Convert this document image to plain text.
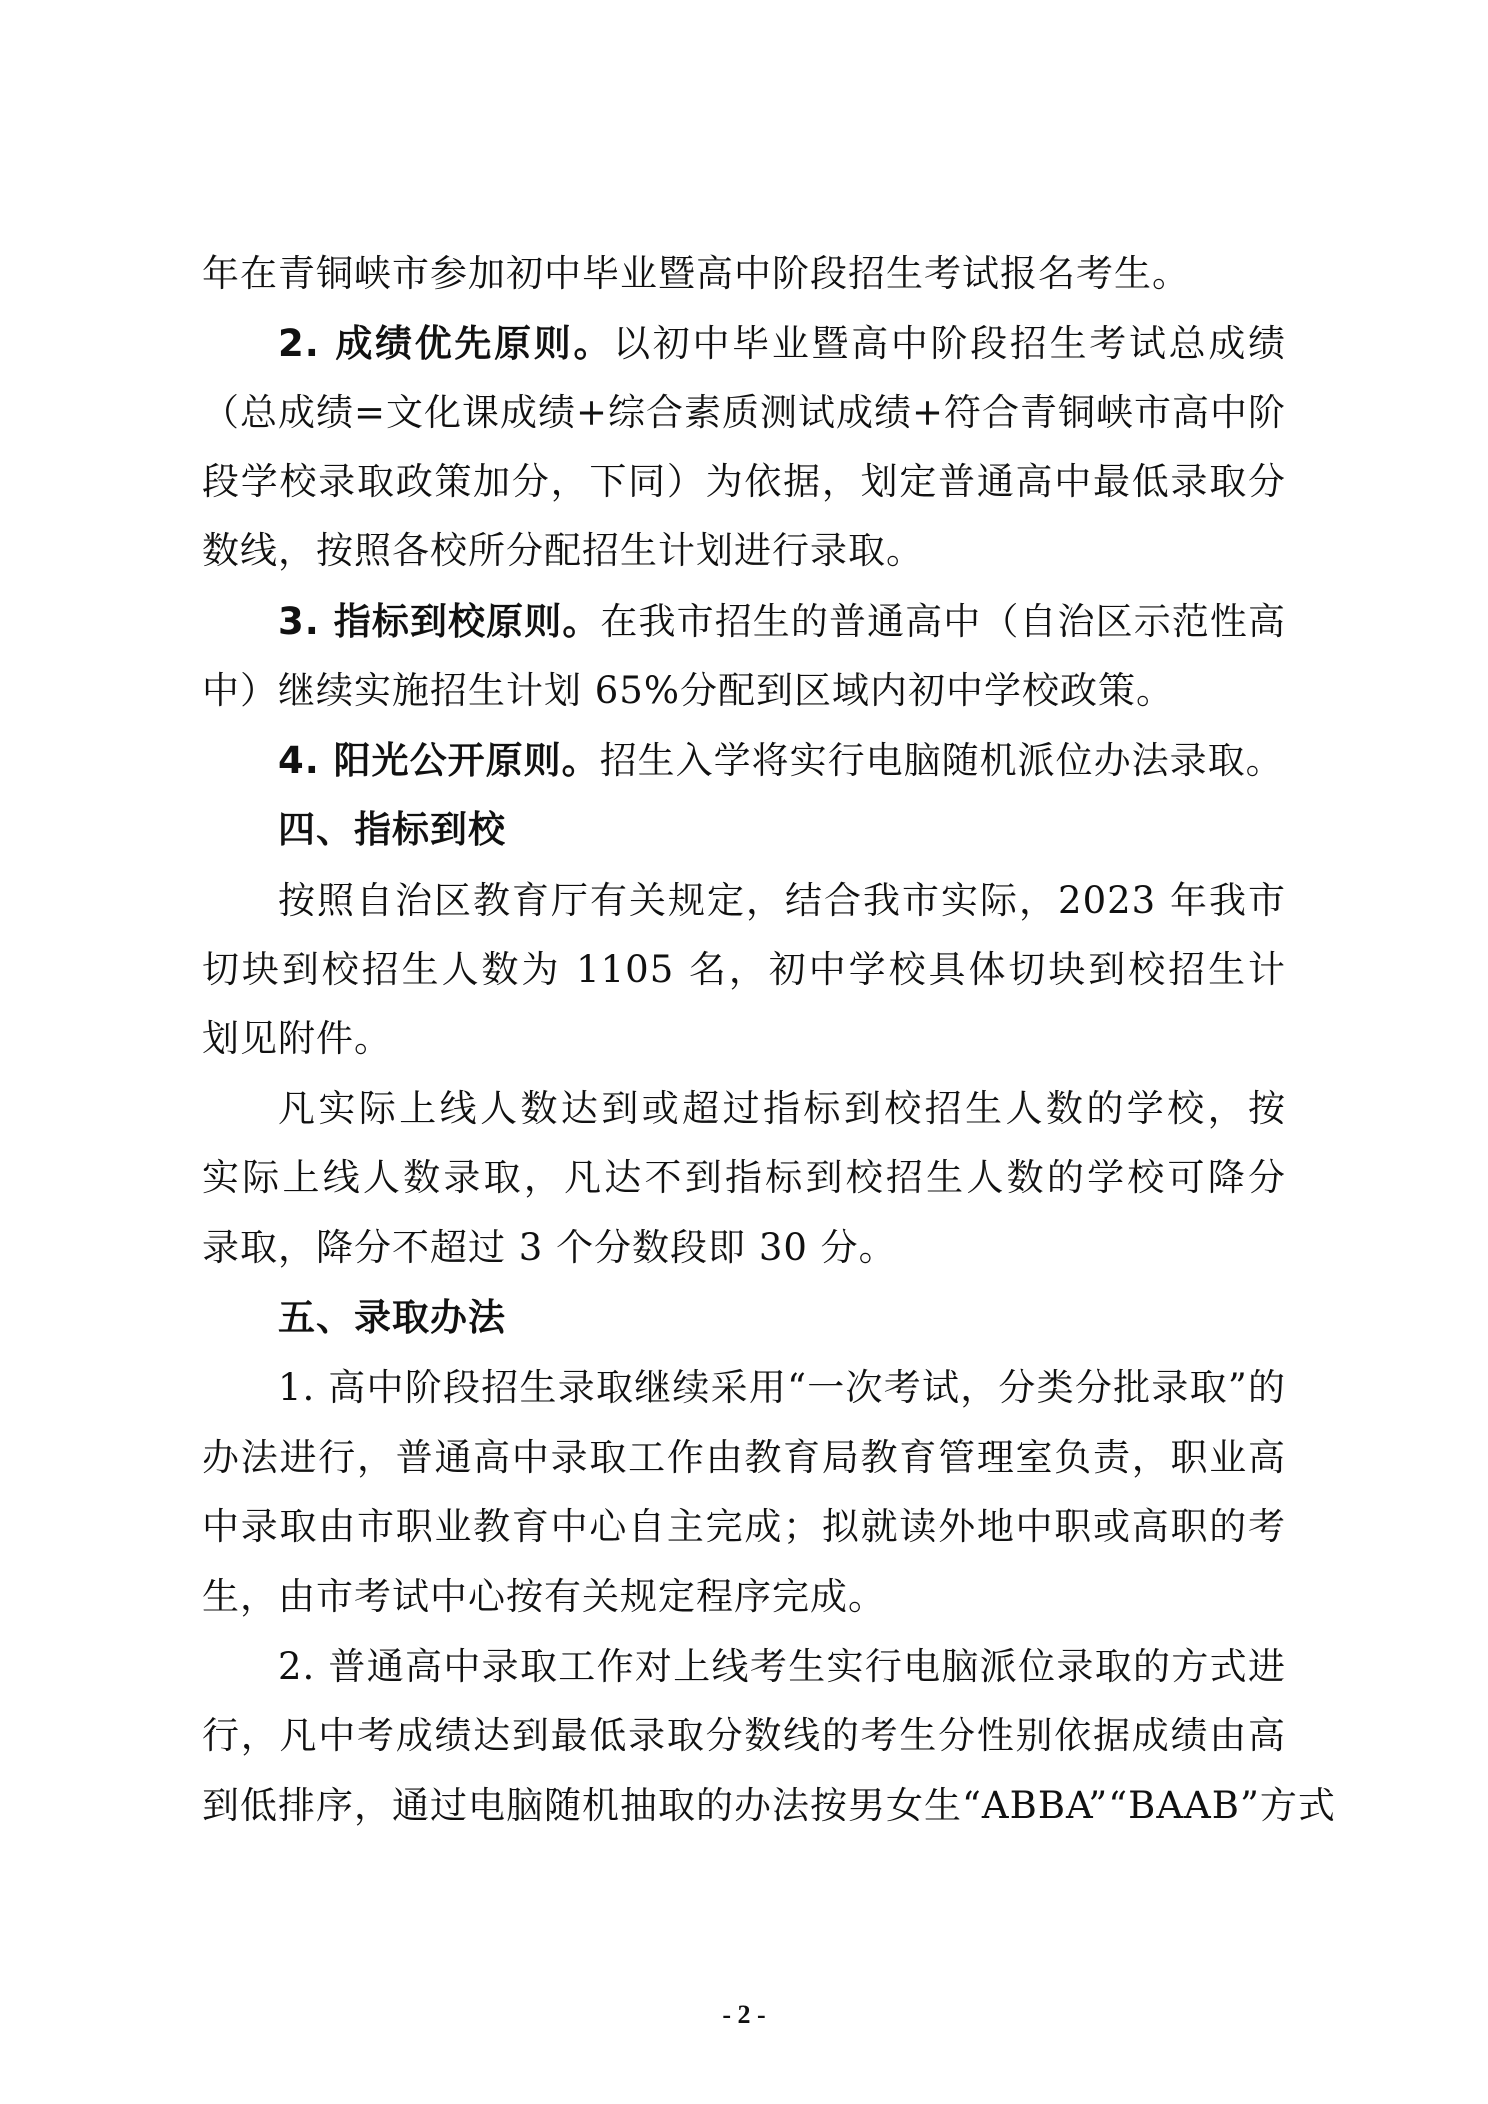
年在青铜峡市参加初中毕业暨高中阶段招生考试报名考生。
2. 成绩优先原则。以初中毕业暨高中阶段招生考试总成绩
（总成绩=文化课成绩+综合素质测试成绩+符合青铜峡市高中阶
段学校录取政策加分，下同）为依据，划定普通高中最低录取分
数线，按照各校所分配招生计划进行录取。
3. 指标到校原则。在我市招生的普通高中（自治区示范性高
中）继续实施招生计划 65%分配到区域内初中学校政策。
4. 阳光公开原则。招生入学将实行电脑随机派位办法录取。
四、指标到校
按照自治区教育厅有关规定，结合我市实际，2023 年我市
切块到校招生人数为 1105 名，初中学校具体切块到校招生计
划见附件。
凡实际上线人数达到或超过指标到校招生人数的学校，按
实际上线人数录取，凡达不到指标到校招生人数的学校可降分
录取，降分不超过 3 个分数段即 30 分。
五、录取办法
1. 高中阶段招生录取继续采用“一次考试，分类分批录取”的
办法进行，普通高中录取工作由教育局教育管理室负责，职业高
中录取由市职业教育中心自主完成；拟就读外地中职或高职的考
生，由市考试中心按有关规定程序完成。
2. 普通高中录取工作对上线考生实行电脑派位录取的方式进
行，凡中考成绩达到最低录取分数线的考生分性别依据成绩由高
到低排序，通过电脑随机抽取的办法按男女生“ABBA”“BAAB”方式
- 2 -
